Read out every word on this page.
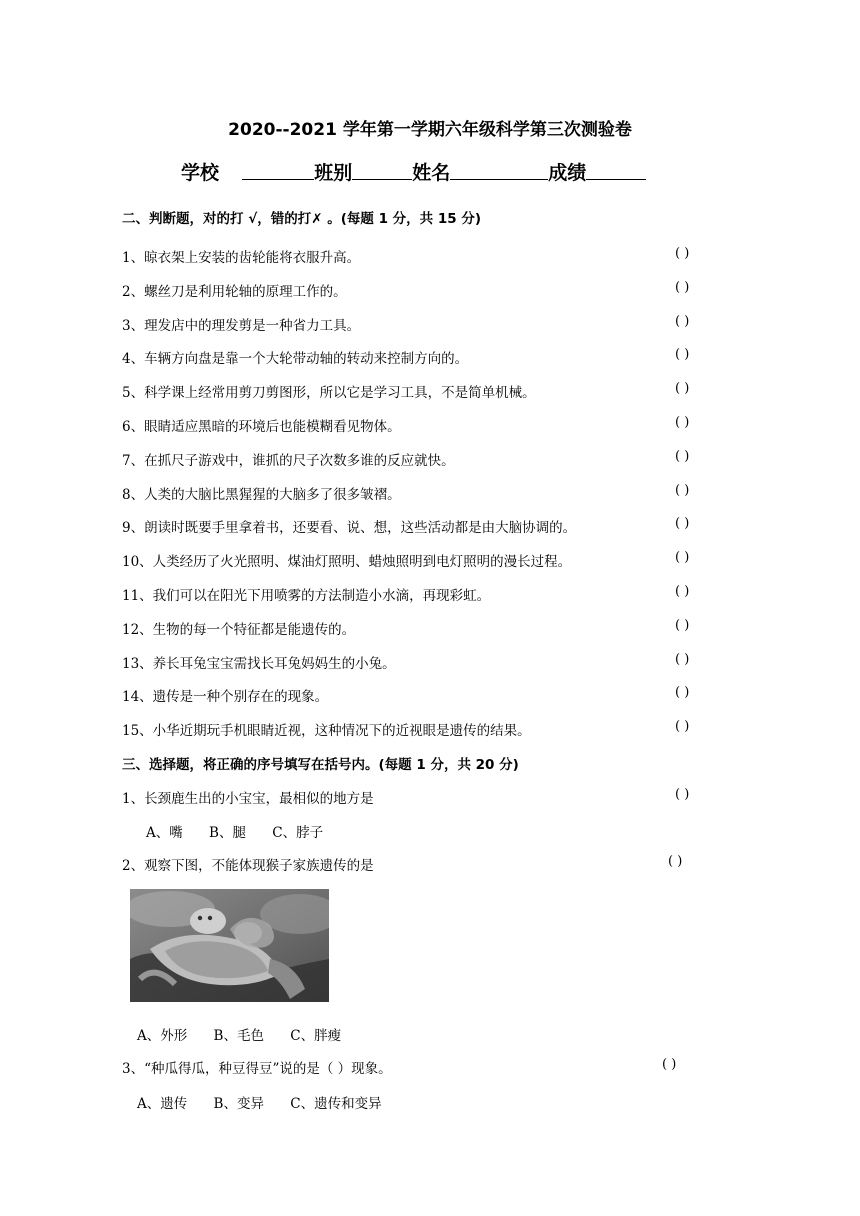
2020--2021 学年第一学期六年级科学第三次测验卷
学校	班别	姓名	成绩
二、判断题，对的打 √，错的打✗ 。(每题 1 分，共 15 分)
1、晾衣架上安装的齿轮能将衣服升高。	( )
2、螺丝刀是利用轮轴的原理工作的。	( )
3、理发店中的理发剪是一种省力工具。	( )
4、车辆方向盘是靠一个大轮带动轴的转动来控制方向的。	( )
5、科学课上经常用剪刀剪图形，所以它是学习工具，不是简单机械。	( )
6、眼睛适应黑暗的环境后也能模糊看见物体。	( )
7、在抓尺子游戏中，谁抓的尺子次数多谁的反应就快。	( )
8、人类的大脑比黑猩猩的大脑多了很多皱褶。	( )
9、朗读时既要手里拿着书，还要看、说、想，这些活动都是由大脑协调的。	( )
10、人类经历了火光照明、煤油灯照明、蜡烛照明到电灯照明的漫长过程。	( )
11、我们可以在阳光下用喷雾的方法制造小水滴，再现彩虹。	( )
12、生物的每一个特征都是能遗传的。	( )
13、养长耳兔宝宝需找长耳兔妈妈生的小兔。	( )
14、遗传是一种个别存在的现象。	( )
15、小华近期玩手机眼睛近视，这种情况下的近视眼是遗传的结果。	( )
三、选择题，将正确的序号填写在括号内。(每题 1 分，共 20 分)
1、长颈鹿生出的小宝宝，最相似的地方是	( )
A、嘴 B、腿 C、脖子
2、观察下图，不能体现猴子家族遗传的是	( )
A、外形 B、毛色 C、胖瘦
3、“种瓜得瓜，种豆得豆”说的是（ ）现象。	( )
A、遗传 B、变异 C、遗传和变异
